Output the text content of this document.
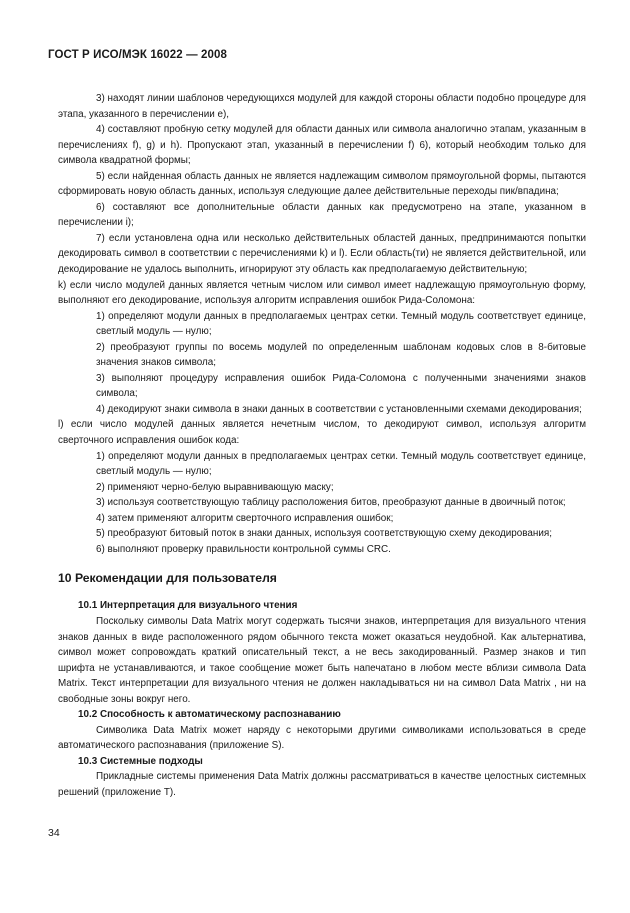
ГОСТ Р ИСО/МЭК 16022 — 2008

3) находят линии шаблонов чередующихся модулей для каждой стороны области подобно процедуре для этапа, указанного в перечислении е),

4) составляют пробную сетку модулей для области данных или символа аналогично этапам, указанным в перечислениях f), g) и h). Пропускают этап, указанный в перечислении f) 6), который необходим только для символа квадратной формы;

5) если найденная область данных не является надлежащим символом прямоугольной формы, пытаются сформировать новую область данных, используя следующие далее действительные переходы пик/впадина;

6) составляют все дополнительные области данных как предусмотрено на этапе, указанном в перечислении i);

7) если установлена одна или несколько действительных областей данных, предпринимаются попытки декодировать символ в соответствии с перечислениями k) и l). Если область(ти) не является действительной, или декодирование не удалось выполнить, игнорируют эту область как предполагаемую действительную;

k) если число модулей данных является четным числом или символ имеет надлежащую прямоугольную форму, выполняют его декодирование, используя алгоритм исправления ошибок Рида-Соломона:

1) определяют модули данных в предполагаемых центрах сетки. Темный модуль соответствует единице, светлый модуль — нулю;

2) преобразуют группы по восемь модулей по определенным шаблонам кодовых слов в 8-битовые значения знаков символа;

3) выполняют процедуру исправления ошибок Рида-Соломона с полученными значениями знаков символа;

4) декодируют знаки символа в знаки данных в соответствии с установленными схемами декодирования;

l) если число модулей данных является нечетным числом, то декодируют символ, используя алгоритм сверточного исправления ошибок кода:

1) определяют модули данных в предполагаемых центрах сетки. Темный модуль соответствует единице, светлый модуль — нулю;

2) применяют черно-белую выравнивающую маску;

3) используя соответствующую таблицу расположения битов, преобразуют данные в двоичный поток;

4) затем применяют алгоритм сверточного исправления ошибок;

5) преобразуют битовый поток в знаки данных, используя соответствующую схему декодирования;

6) выполняют проверку правильности контрольной суммы CRC.

10 Рекомендации для пользователя

10.1 Интерпретация для визуального чтения

Поскольку символы Data Matrix могут содержать тысячи знаков, интерпретация для визуального чтения знаков данных в виде расположенного рядом обычного текста может оказаться неудобной. Как альтернатива, символ может сопровождать краткий описательный текст, а не весь закодированный. Размер знаков и тип шрифта не устанавливаются, и такое сообщение может быть напечатано в любом месте вблизи символа Data Matrix. Текст интерпретации для визуального чтения не должен накладываться ни на символ Data Matrix , ни на свободные зоны вокруг него.

10.2 Способность к автоматическому распознаванию

Символика Data Matrix может наряду с некоторыми другими символиками использоваться в среде автоматического распознавания (приложение S).

10.3 Системные подходы

Прикладные системы применения Data Matrix должны рассматриваться в качестве целостных системных решений (приложение Т).

34
